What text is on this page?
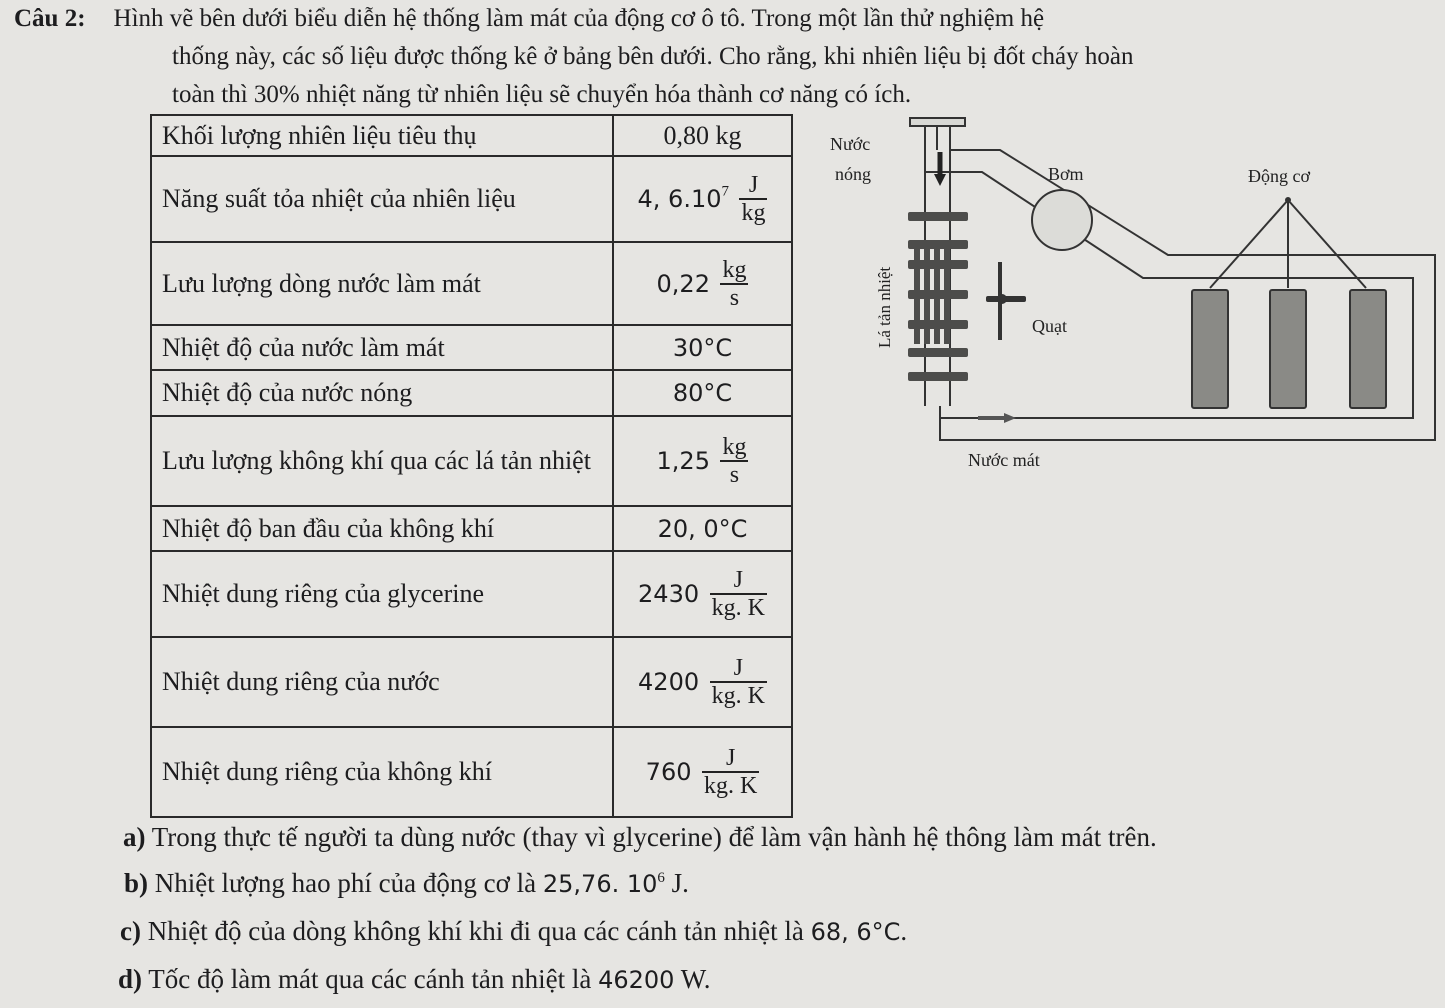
Câu 2: Hình vẽ bên dưới biểu diễn hệ thống làm mát của động cơ ô tô. Trong một lần thử nghiệm hệ
thống này, các số liệu được thống kê ở bảng bên dưới. Cho rằng, khi nhiên liệu bị đốt cháy hoàn
toàn thì 30% nhiệt năng từ nhiên liệu sẽ chuyển hóa thành cơ năng có ích.
Khối lượng nhiên liệu tiêu thụ	0,80 kg
Năng suất tỏa nhiệt của nhiên liệu	4, $6.10^7 \frac{J}{kg}$

Lưu lượng dòng nước làm mát	$0,22 \frac{kg}{s}$

Nhiệt độ của nước làm mát	30°C
Nhiệt độ của nước nóng	80°C
Lưu lượng không khí qua các lá tản nhiệt	$1,25 \frac{kg}{s}$

Nhiệt độ ban đầu của không khí	20, 0°C
Nhiệt dung riêng của glycerine	$2430 \frac{J}{kg. K}$

Nhiệt dung riêng của nước	$4200 \frac{J}{kg. K}$

Nhiệt dung riêng của không khí	$760 \frac{J}{kg. K}$
Nước
nóng	Bơm	Động cơ
Quạt
Nước mát
Lá tản nhiệt
a) Trong thực tế người ta dùng nước (thay vì glycerine) để làm vận hành hệ thông làm mát trên.
b) Nhiệt lượng hao phí của động cơ là 25,76. $10^6$ J.
c) Nhiệt độ của dòng không khí khi đi qua các cánh tản nhiệt là 68, 6°C.
d) Tốc độ làm mát qua các cánh tản nhiệt là 46200 W.
